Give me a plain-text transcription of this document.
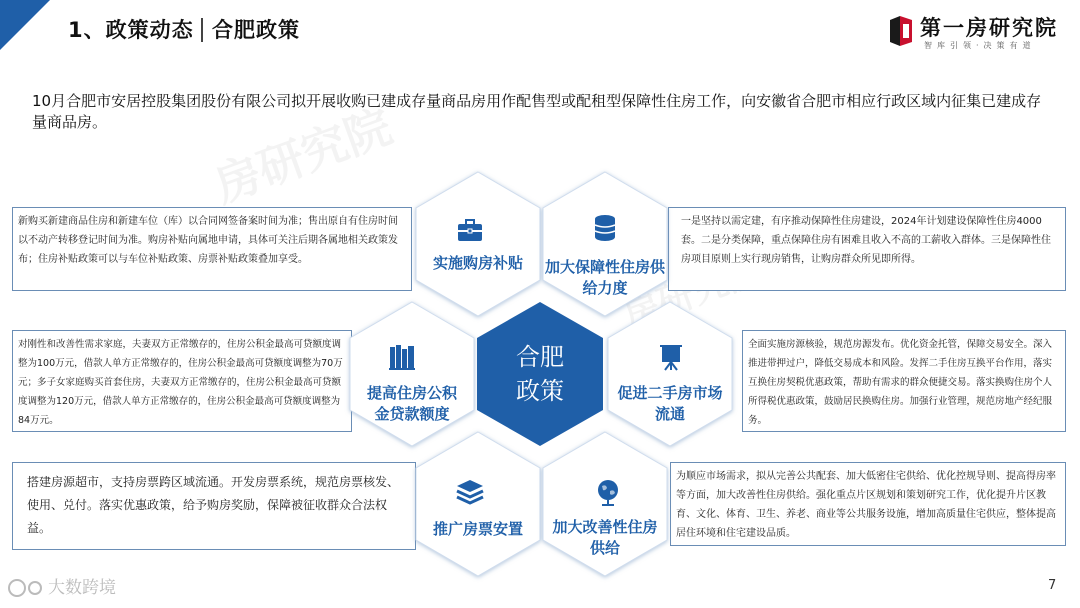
1、政策动态 合肥政策	第一房研究院
智库引领·决策有道
10月合肥市安居控股集团股份有限公司拟开展收购已建成存量商品房用作配售型或配租型保障性住房工作，向安徽省合肥市相应行政区域内征集已建成存量商品房。
新购买新建商品住房和新建车位（库）以合同网签备案时间为准；售出原自有住房时间以不动产转移登记时间为准。购房补贴向属地申请，具体可关注后期各属地相关政策发布；住房补贴政策可以与车位补贴政策、房票补贴政策叠加享受。
一是坚持以需定建，有序推动保障性住房建设，2024年计划建设保障性住房4000套。二是分类保障，重点保障住房有困难且收入不高的工薪收入群体。三是保障性住房项目原则上实行现房销售，让购房群众所见即所得。
对刚性和改善性需求家庭，夫妻双方正常缴存的，住房公积金最高可贷额度调整为100万元，借款人单方正常缴存的，住房公积金最高可贷额度调整为70万元；多子女家庭购买首套住房，夫妻双方正常缴存的，住房公积金最高可贷额度调整为120万元，借款人单方正常缴存的，住房公积金最高可贷额度调整为84万元。
全面实施房源核验，规范房源发布。优化资金托管，保障交易安全。深入推进带押过户，降低交易成本和风险。发挥二手住房互换平台作用，落实互换住房契税优惠政策，帮助有需求的群众便捷交易。落实换购住房个人所得税优惠政策，鼓励居民换购住房。加强行业管理，规范房地产经纪服务。
搭建房源超市，支持房票跨区域流通。开发房票系统，规范房票核发、使用、兑付。落实优惠政策，给予购房奖励，保障被征收群众合法权益。
为顺应市场需求，拟从完善公共配套、加大低密住宅供给、优化控规导则、提高得房率等方面，加大改善性住房供给。强化重点片区规划和策划研究工作，优化提升片区教育、文化、体育、卫生、养老、商业等公共服务设施，增加高质量住宅供应，整体提高居住环境和住宅建设品质。
实施购房补贴	加大保障性住房供
给力度
提高住房公积
金贷款额度
促进二手房市场
流通
推广房票安置	加大改善性住房
供给
合肥
政策
大数跨境	7
